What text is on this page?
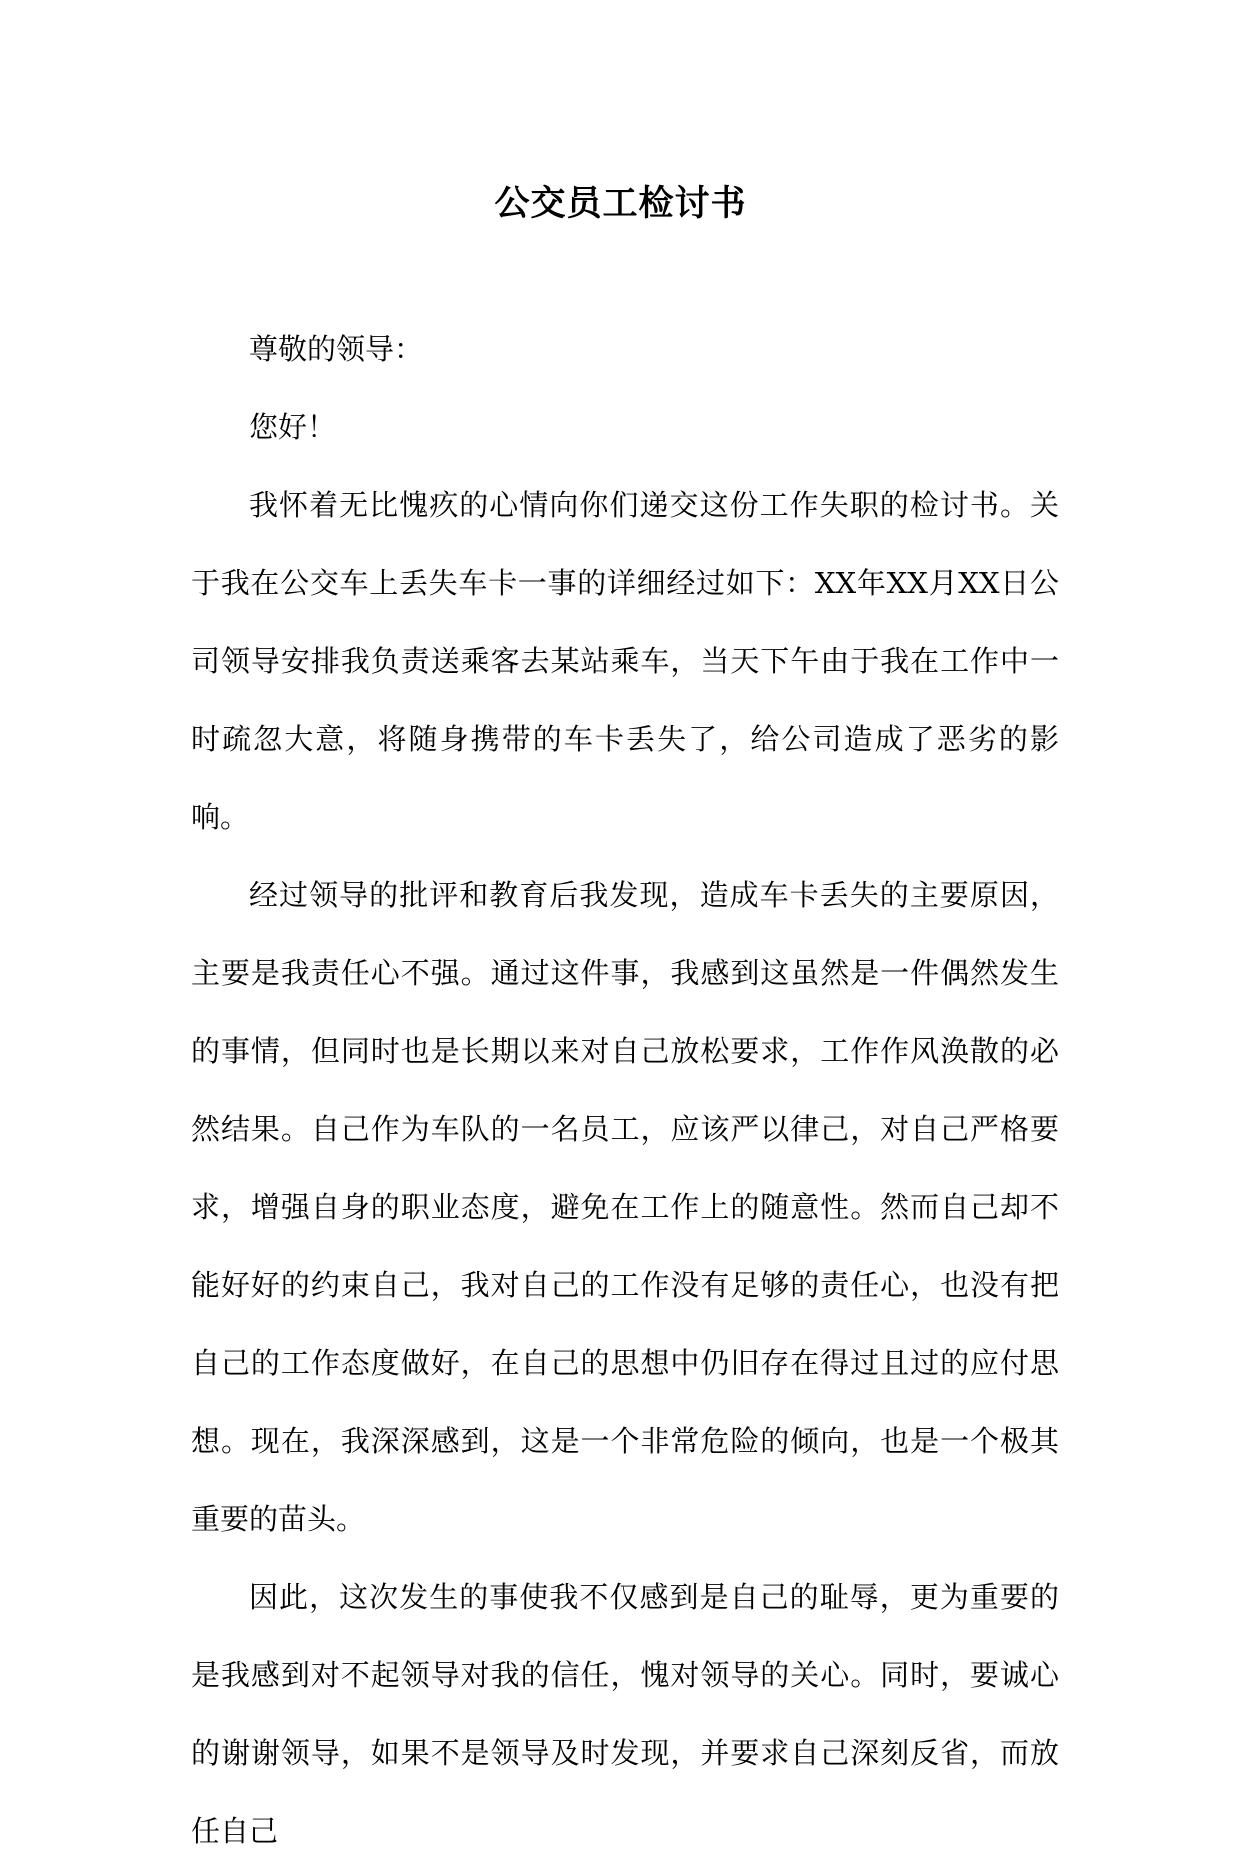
公交员工检讨书

尊敬的领导：

您好！

我怀着无比愧疚的心情向你们递交这份工作失职的检讨书。关于我在公交车上丢失车卡一事的详细经过如下：XX年XX月XX日公司领导安排我负责送乘客去某站乘车，当天下午由于我在工作中一时疏忽大意，将随身携带的车卡丢失了，给公司造成了恶劣的影响。

经过领导的批评和教育后我发现，造成车卡丢失的主要原因，主要是我责任心不强。通过这件事，我感到这虽然是一件偶然发生的事情，但同时也是长期以来对自己放松要求，工作作风涣散的必然结果。自己作为车队的一名员工，应该严以律己，对自己严格要求，增强自身的职业态度，避免在工作上的随意性。然而自己却不能好好的约束自己，我对自己的工作没有足够的责任心，也没有把自己的工作态度做好，在自己的思想中仍旧存在得过且过的应付思想。现在，我深深感到，这是一个非常危险的倾向，也是一个极其重要的苗头。

因此，这次发生的事使我不仅感到是自己的耻辱，更为重要的是我感到对不起领导对我的信任，愧对领导的关心。同时，要诚心的谢谢领导，如果不是领导及时发现，并要求自己深刻反省，而放任自己
